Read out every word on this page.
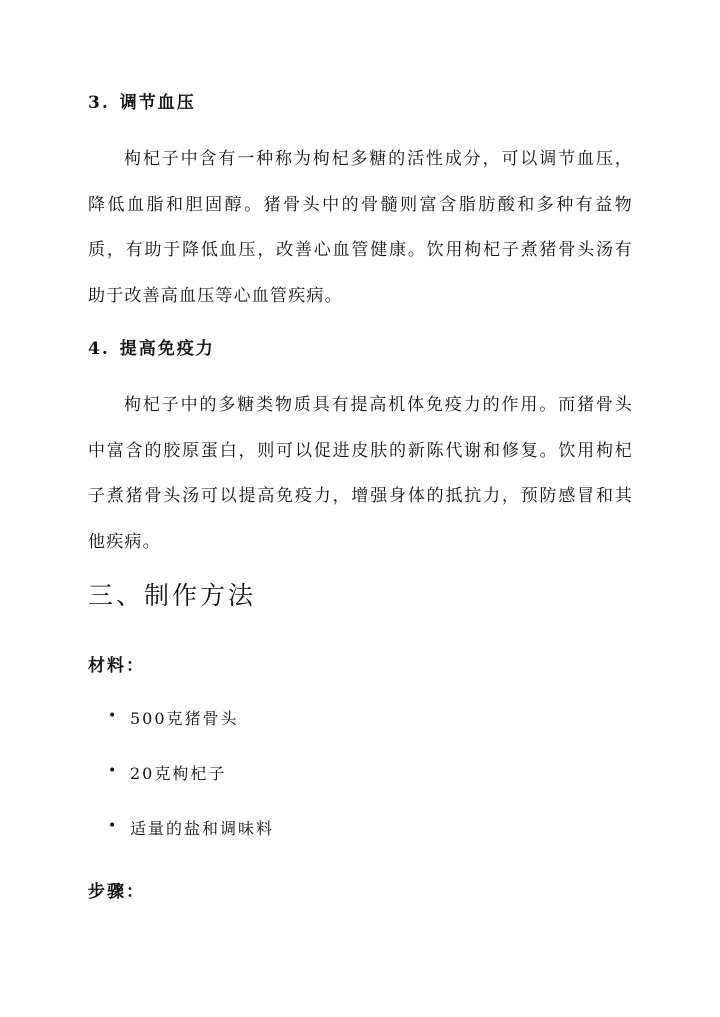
3. 调节血压

枸杞子中含有一种称为枸杞多糖的活性成分，可以调节血压，降低血脂和胆固醇。猪骨头中的骨髓则富含脂肪酸和多种有益物质，有助于降低血压，改善心血管健康。饮用枸杞子煮猪骨头汤有助于改善高血压等心血管疾病。

4. 提高免疫力

枸杞子中的多糖类物质具有提高机体免疫力的作用。而猪骨头中富含的胶原蛋白，则可以促进皮肤的新陈代谢和修复。饮用枸杞子煮猪骨头汤可以提高免疫力，增强身体的抵抗力，预防感冒和其他疾病。

三、制作方法
材料：
• 500克猪骨头
• 20克枸杞子
• 适量的盐和调味料
步骤：
